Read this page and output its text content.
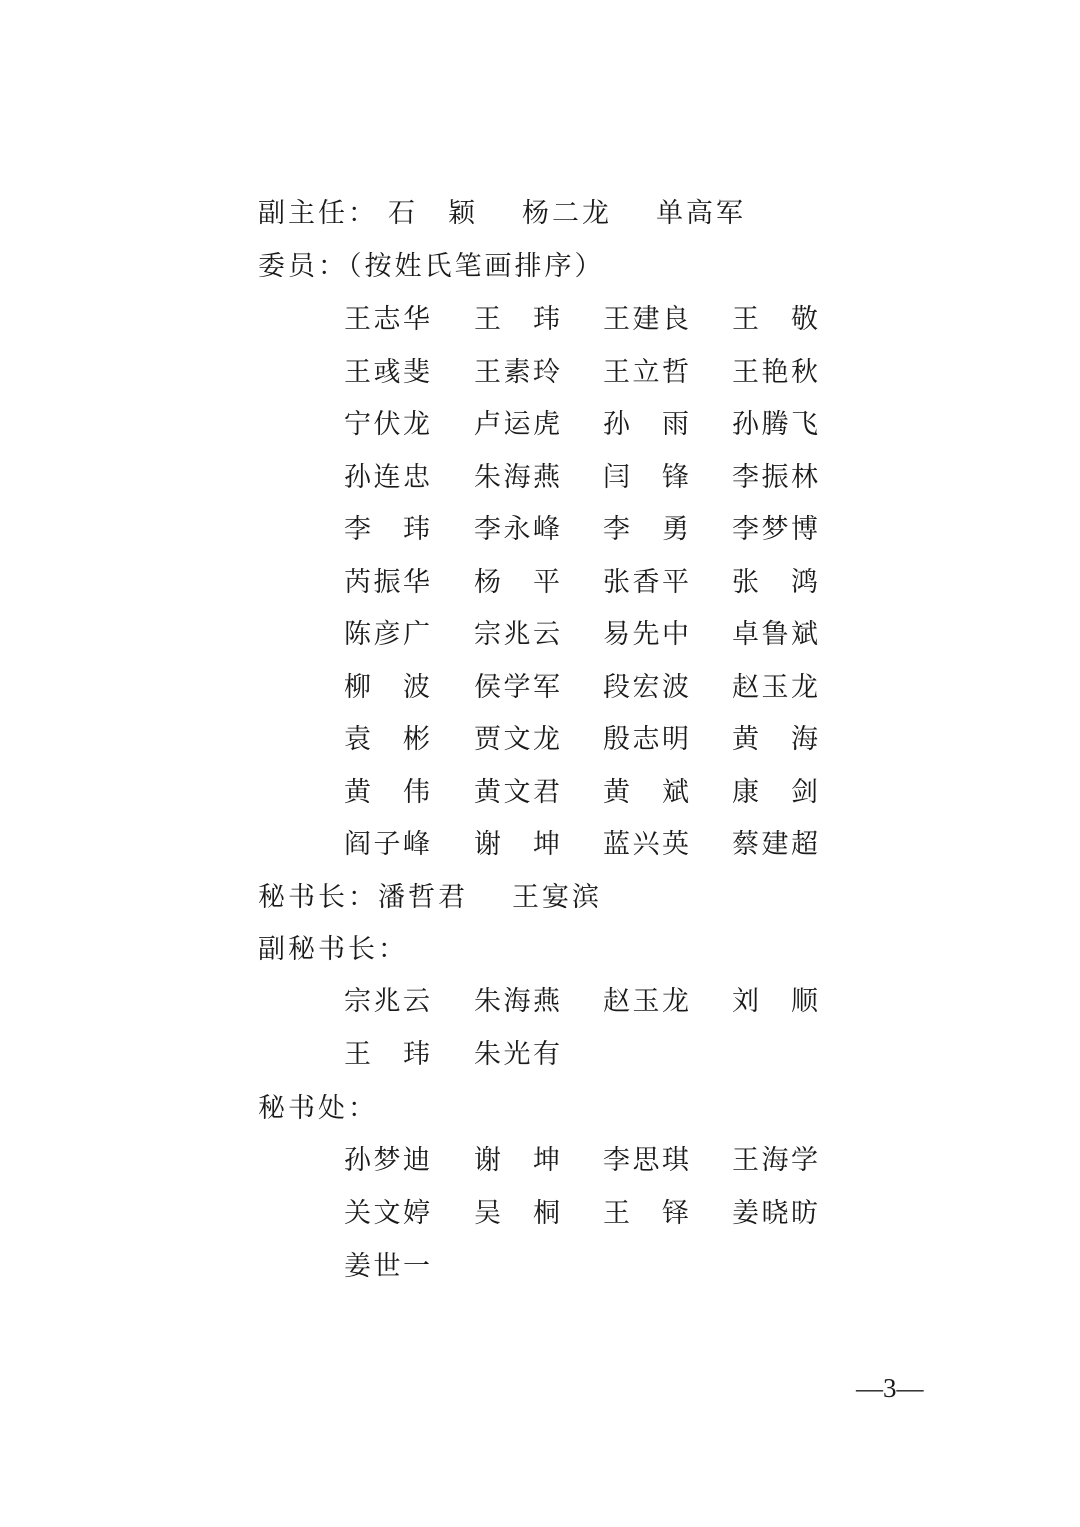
副主任： 石　颖 杨二龙 单高军
委员：（按姓氏笔画排序）
王 志 华 王 玮 王 建 良 王 敬
王 彧 斐 王 素 玲 王 立 哲 王 艳 秋
宁 伏 龙 卢 运 虎 孙 雨 孙 腾 飞
孙 连 忠 朱 海 燕 闫 锋 李 振 林
李 玮 李 永 峰 李 勇 李 梦 博
芮 振 华 杨 平 张 香 平 张 鸿
陈 彦 广 宗 兆 云 易 先 中 卓 鲁 斌
柳 波 侯 学 军 段 宏 波 赵 玉 龙
袁 彬 贾 文 龙 殷 志 明 黄 海
黄 伟 黄 文 君 黄 斌 康 剑
阎 子 峰 谢 坤 蓝 兴 英 蔡 建 超
秘书长：潘哲君 王宴滨
副秘书长：
宗 兆 云 朱 海 燕 赵 玉 龙 刘 顺
王 玮 朱 光 有
秘书处：
孙 梦 迪 谢 坤 李 思 琪 王 海 学
关 文 婷 吴 桐 王 铎 姜 晓 昉
姜 世 一
—3—
